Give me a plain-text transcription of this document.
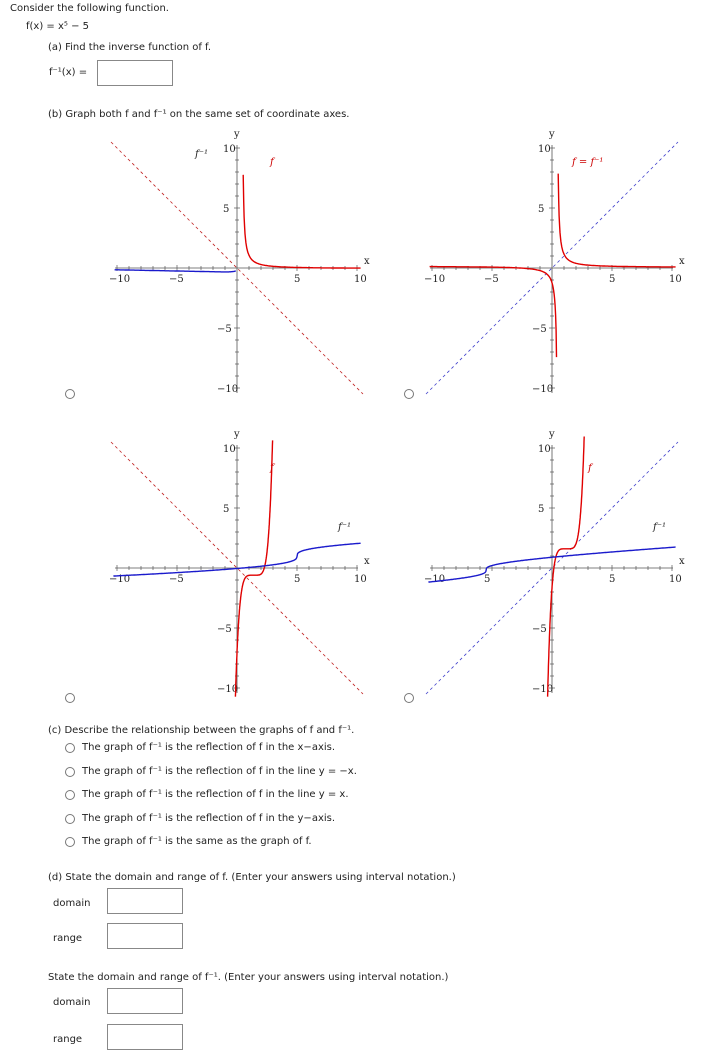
Consider the following function.
f(x) = x⁵ − 5
(a) Find the inverse function of f.
f⁻¹(x) =
(b) Graph both f and f⁻¹ on the same set of coordinate axes.
y
x
−10	−5	5	10
10
5
−5
−10
f⁻¹
f
y
x
−10	−5	5	10
10
5
−5
−10
f = f⁻¹
y
x
−10	−5	5	10
10
5
−5
−10
f
f⁻¹
y
x
−10	5	5	10
10
5
−5
−10
f
f⁻¹
(c) Describe the relationship between the graphs of f and f⁻¹.
The graph of f⁻¹ is the reflection of f in the x−axis.
The graph of f⁻¹ is the reflection of f in the line y = −x.
The graph of f⁻¹ is the reflection of f in the line y = x.
The graph of f⁻¹ is the reflection of f in the y−axis.
The graph of f⁻¹ is the same as the graph of f.
(d) State the domain and range of f. (Enter your answers using interval notation.)
domain
range
State the domain and range of f⁻¹. (Enter your answers using interval notation.)
domain
range
